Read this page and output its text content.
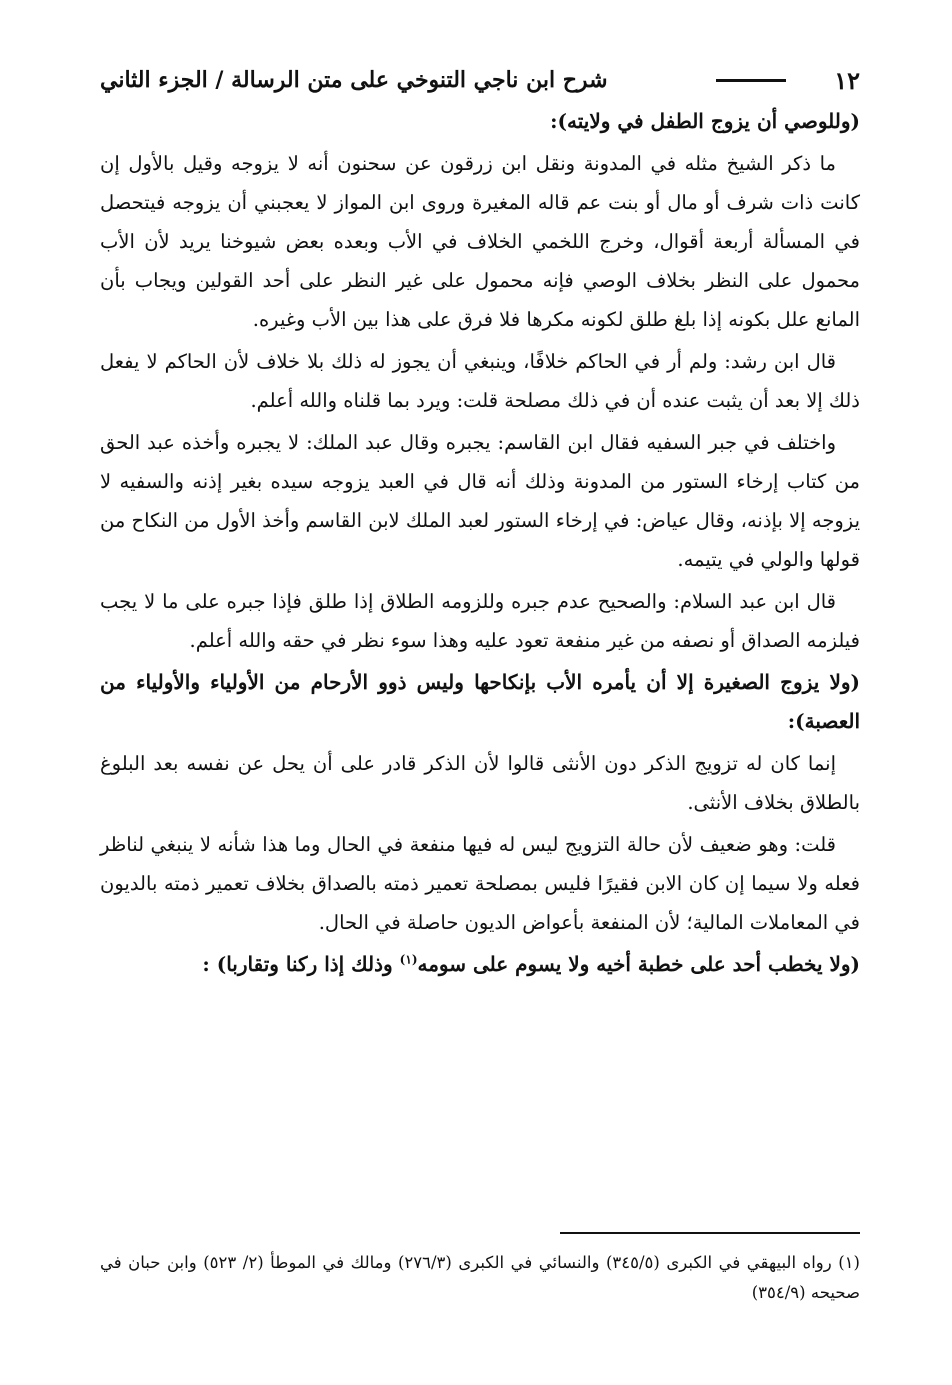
١٢
شرح ابن ناجي التنوخي على متن الرسالة / الجزء الثاني

(وللوصي أن يزوج الطفل في ولايته):

ما ذكر الشيخ مثله في المدونة ونقل ابن زرقون عن سحنون أنه لا يزوجه وقيل بالأول إن كانت ذات شرف أو مال أو بنت عم قاله المغيرة وروى ابن المواز لا يعجبني أن يزوجه فيتحصل في المسألة أربعة أقوال، وخرج اللخمي الخلاف في الأب وبعده بعض شيوخنا يريد لأن الأب محمول على النظر بخلاف الوصي فإنه محمول على غير النظر على أحد القولين ويجاب بأن المانع علل بكونه إذا بلغ طلق لكونه مكرها فلا فرق على هذا بين الأب وغيره.

قال ابن رشد: ولم أر في الحاكم خلافًا، وينبغي أن يجوز له ذلك بلا خلاف لأن الحاكم لا يفعل ذلك إلا بعد أن يثبت عنده أن في ذلك مصلحة قلت: ويرد بما قلناه والله أعلم.

واختلف في جبر السفيه فقال ابن القاسم: يجبره وقال عبد الملك: لا يجبره وأخذه عبد الحق من كتاب إرخاء الستور من المدونة وذلك أنه قال في العبد يزوجه سيده بغير إذنه والسفيه لا يزوجه إلا بإذنه، وقال عياض: في إرخاء الستور لعبد الملك لابن القاسم وأخذ الأول من النكاح من قولها والولي في يتيمه.

قال ابن عبد السلام: والصحيح عدم جبره وللزومه الطلاق إذا طلق فإذا جبره على ما لا يجب فيلزمه الصداق أو نصفه من غير منفعة تعود عليه وهذا سوء نظر في حقه والله أعلم.

(ولا يزوج الصغيرة إلا أن يأمره الأب بإنكاحها وليس ذوو الأرحام من الأولياء والأولياء من العصبة):

إنما كان له تزويج الذكر دون الأنثى قالوا لأن الذكر قادر على أن يحل عن نفسه بعد البلوغ بالطلاق بخلاف الأنثى.

قلت: وهو ضعيف لأن حالة التزويج ليس له فيها منفعة في الحال وما هذا شأنه لا ينبغي لناظر فعله ولا سيما إن كان الابن فقيرًا فليس بمصلحة تعمير ذمته بالصداق بخلاف تعمير ذمته بالديون في المعاملات المالية؛ لأن المنفعة بأعواض الديون حاصلة في الحال.

(ولا يخطب أحد على خطبة أخيه ولا يسوم على سومه$^{(١)}$ وذلك إذا ركنا وتقاربا) :

(١) رواه البيهقي في الكبرى (٣٤٥/٥) والنسائي في الكبرى (٢٧٦/٣) ومالك في الموطأ (٢/ ٥٢٣) وابن حبان في صحيحه (٣٥٤/٩)
